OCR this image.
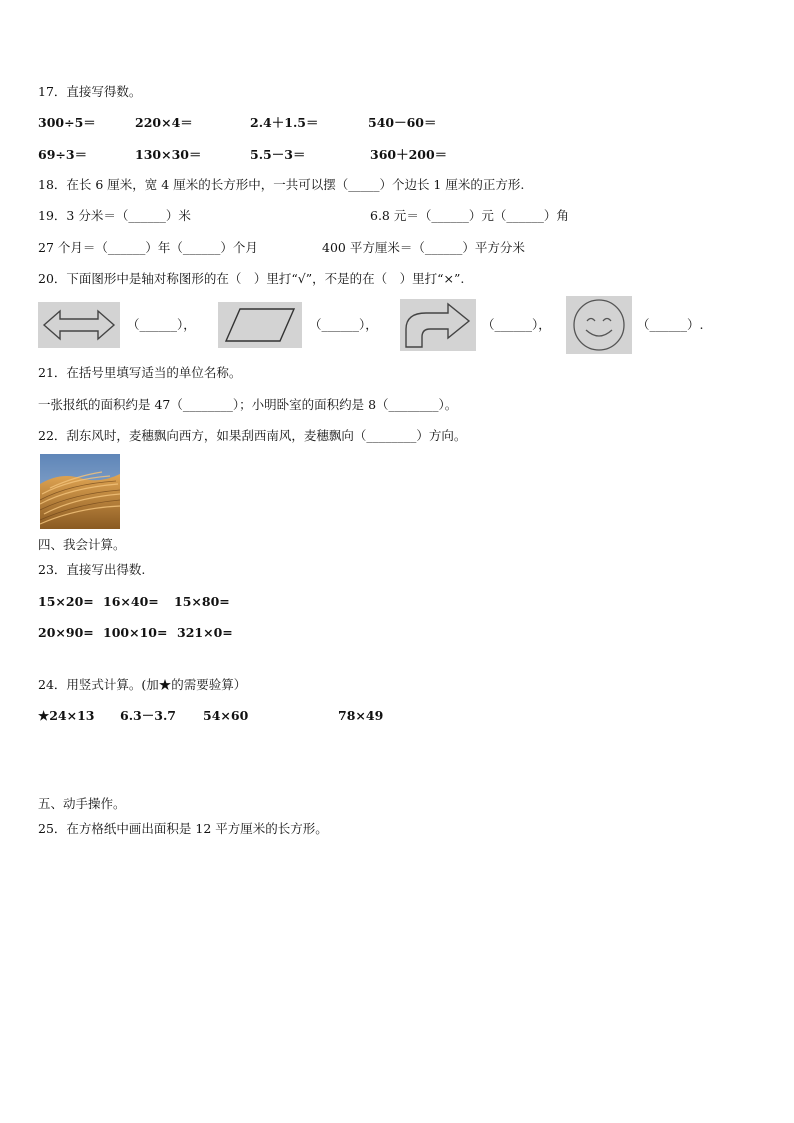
17．直接写得数。
300÷5＝	220×4＝	2.4＋1.5＝	540－60＝
69÷3＝	130×30＝	5.5－3＝	360＋200＝
18．在长 6 厘米，宽 4 厘米的长方形中，一共可以摆（_____）个边长 1 厘米的正方形.
19．3 分米＝（______）米	6.8 元＝（______）元（______）角
27 个月＝（______）年（______）个月	400 平方厘米＝（______）平方分米
20．下面图形中是轴对称图形的在（　）里打“√”，不是的在（　）里打“×”.
（______），	（______），	（______），	（______）.
21．在括号里填写适当的单位名称。
一张报纸的面积约是 47（________）；小明卧室的面积约是 8（________）。
22．刮东风时，麦穗飘向西方，如果刮西南风，麦穗飘向（________）方向。
四、我会计算。
23．直接写出得数.
15×20= 16×40= 15×80=
20×90= 100×10= 321×0=
24．用竖式计算。(加★的需要验算）
★24×13 6.3－3.7 54×60	78×49
五、动手操作。
25．在方格纸中画出面积是 12 平方厘米的长方形。
